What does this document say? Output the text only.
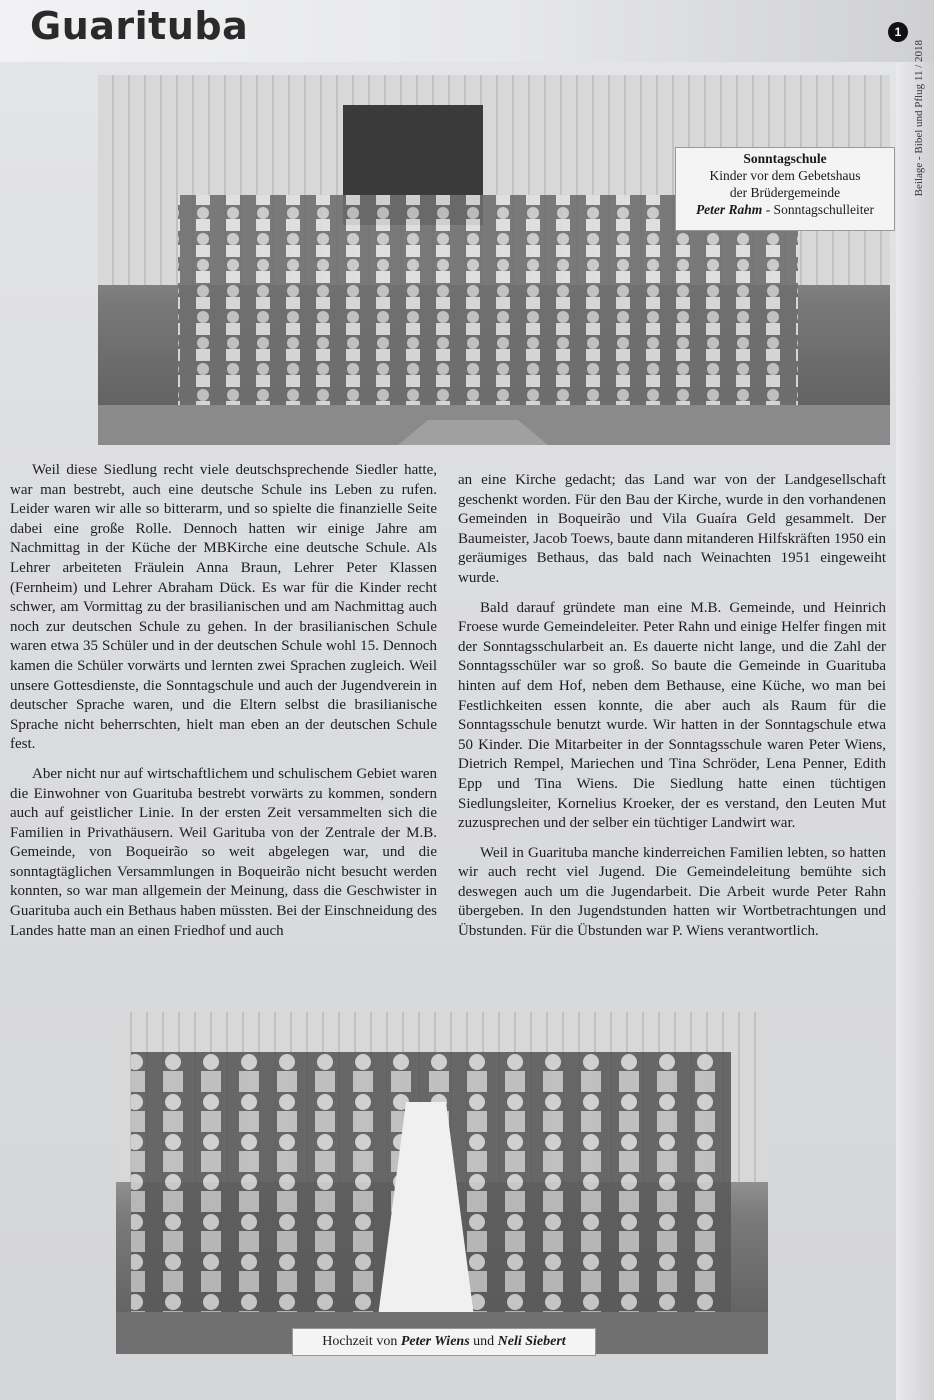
Guarituba	1
Beilage - Bibel und Pflug 11 / 2018
Sonntagschule
Kinder vor dem Gebetshaus
der Brüdergemeinde
Peter Rahm - Sonntagschulleiter

Weil diese Siedlung recht viele deutschsprechende Siedler hatte, war man bestrebt, auch eine deutsche Schule ins Leben zu rufen. Leider waren wir alle so bitterarm, und so spielte die finanzielle Seite dabei eine große Rolle. Dennoch hatten wir einige Jahre am Nachmittag in der Küche der MBKirche eine deutsche Schule. Als Lehrer arbeiteten Fräulein Anna Braun, Lehrer Peter Klassen (Fernheim) und Lehrer Abraham Dück. Es war für die Kinder recht schwer, am Vormittag zu der brasilianischen und am Nachmittag auch noch zur deutschen Schule zu gehen. In der brasilianischen Schule waren etwa 35 Schüler und in der deutschen Schule wohl 15. Dennoch kamen die Schüler vorwärts und lernten zwei Sprachen zugleich. Weil unsere Gottesdienste, die Sonntagschule und auch der Jugendverein in deutscher Sprache waren, und die Eltern selbst die brasilianische Sprache nicht beherrschten, hielt man eben an der deutschen Schule fest.

Aber nicht nur auf wirtschaftlichem und schulischem Gebiet waren die Einwohner von Guarituba bestrebt vorwärts zu kommen, sondern auch auf geistlicher Linie. In der ersten Zeit versammelten sich die Familien in Privathäusern. Weil Garituba von der Zentrale der M.B. Gemeinde, von Boqueirão so weit abgelegen war, und die sonntagtäglichen Versammlungen in Boqueirão nicht besucht werden konnten, so war man allgemein der Meinung, dass die Geschwister in Guarituba auch ein Bethaus haben müssten. Bei der Einschneidung des Landes hatte man an einen Friedhof und auch

an eine Kirche gedacht; das Land war von der Landgesellschaft geschenkt worden. Für den Bau der Kirche, wurde in den vorhandenen Gemeinden in Boqueirão und Vila Guaíra Geld gesammelt. Der Baumeister, Jacob Toews, baute dann mitanderen Hilfskräften 1950 ein geräumiges Bethaus, das bald nach Weinachten 1951 eingeweiht wurde.

Bald darauf gründete man eine M.B. Gemeinde, und Heinrich Froese wurde Gemeindeleiter. Peter Rahn und einige Helfer fingen mit der Sonntagsschularbeit an. Es dauerte nicht lange, und die Zahl der Sonntagsschüler war so groß. So baute die Gemeinde in Guarituba hinten auf dem Hof, neben dem Bethause, eine Küche, wo man bei Festlichkeiten essen konnte, die aber auch als Raum für die Sonntagsschule benutzt wurde. Wir hatten in der Sonntagschule etwa 50 Kinder. Die Mitarbeiter in der Sonntagsschule waren Peter Wiens, Dietrich Rempel, Mariechen und Tina Schröder, Lena Penner, Edith Epp und Tina Wiens. Die Siedlung hatte einen tüchtigen Siedlungsleiter, Kornelius Kroeker, der es verstand, den Leuten Mut zuzusprechen und der selber ein tüchtiger Landwirt war.

Weil in Guarituba manche kinderreichen Familien lebten, so hatten wir auch recht viel Jugend. Die Gemeindeleitung bemühte sich deswegen auch um die Jugendarbeit. Die Arbeit wurde Peter Rahn übergeben. In den Jugendstunden hatten wir Wortbetrachtungen und Übstunden. Für die Übstunden war P. Wiens verantwortlich.

Hochzeit von Peter Wiens und Neli Siebert
